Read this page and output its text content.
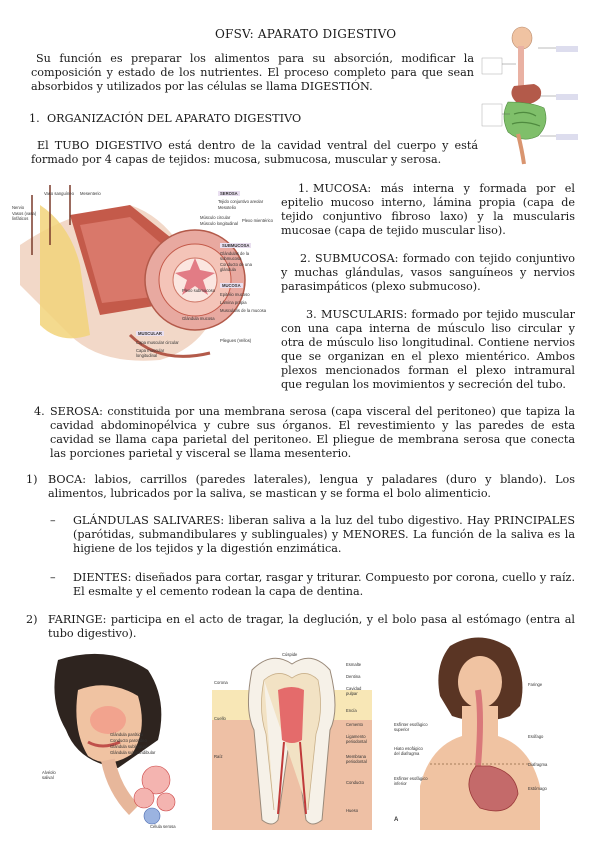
OFSV: APARATO DIGESTIVO
Su función es preparar los alimentos para su absorción, modificar la composición y estado de los nutrientes. El proceso completo para que sean absorbidos y utilizados por las células se llama DIGESTIÓN.
1. ORGANIZACIÓN DEL APARATO DIGESTIVO
El TUBO DIGESTIVO está dentro de la cavidad ventral del cuerpo y está formado por 4 capas de tejidos: mucosa, submucosa, muscular y serosa.
Vaso sanguíneo Mesenterio
Nervio
Vasos (vasa) linfáticos
SEROSA
Tejido conjuntivo areolar
Mesotelio
Músculo circular
Músculo longitudinal
Plexo mientérico
SUBMUCOSA
Glándulas de la submucosa
Conducto de una glándula
MUCOSA
Epitelio mucoso
Lámina propia
Muscularis de la mucosa
MUSCULAR
Capa muscular circular
Capa muscular longitudinal
Plexo submucoso
Glándula mucosa
Pliegues (Vellos)
1. MUCOSA: más interna y formada por el epitelio mucoso interno, lámina propia (capa de tejido conjuntivo fibroso laxo) y la muscularis mucosae (capa de tejido muscular liso).
2. SUBMUCOSA: formado con tejido conjuntivo y muchas glándulas, vasos sanguíneos y nervios parasimpáticos (plexo submucoso).
3. MUSCULARIS: formado por tejido muscular con una capa interna de músculo liso circular y otra de músculo liso longitudinal. Contiene nervios que se organizan en el plexo mientérico. Ambos plexos mencionados forman el plexo intramural que regulan los movimientos y secreción del tubo.
4. SEROSA: constituida por una membrana serosa (capa visceral del peritoneo) que tapiza la cavidad abdominopélvica y cubre sus órganos. El revestimiento y las paredes de esta cavidad se llama capa parietal del peritoneo. El pliegue de membrana serosa que conecta las porciones parietal y visceral se llama mesenterio.
1) BOCA: labios, carrillos (paredes laterales), lengua y paladares (duro y blando). Los alimentos, lubricados por la saliva, se mastican y se forma el bolo alimenticio.
– GLÁNDULAS SALIVARES: liberan saliva a la luz del tubo digestivo. Hay PRINCIPALES (parótidas, submandibulares y sublinguales) y MENORES. La función de la saliva es la higiene de los tejidos y la digestión enzimática.
– DIENTES: diseñados para cortar, rasgar y triturar. Compuesto por corona, cuello y raíz. El esmalte y el cemento rodean la capa de dentina.
2) FARINGE: participa en el acto de tragar, la deglución, y el bolo pasa al estómago (entra al tubo digestivo).
Glándula parótida
Conducto parotídeo
Glándula sublingual
Glándula submandibular
Alvéolo salival
Célula serosa
Cúspide
Corona
Cuello
Raíz
Esmalte
Dentina
Cavidad pulpar
Encía
Cemento
Ligamento periodontal
Membrana periodontal
Conducto
Hueso
Faringe
Esfínter esofágico superior
Hiato esofágico del diafragma
Esófago
Esfínter esofágico inferior
Diafragma
Estómago
A
